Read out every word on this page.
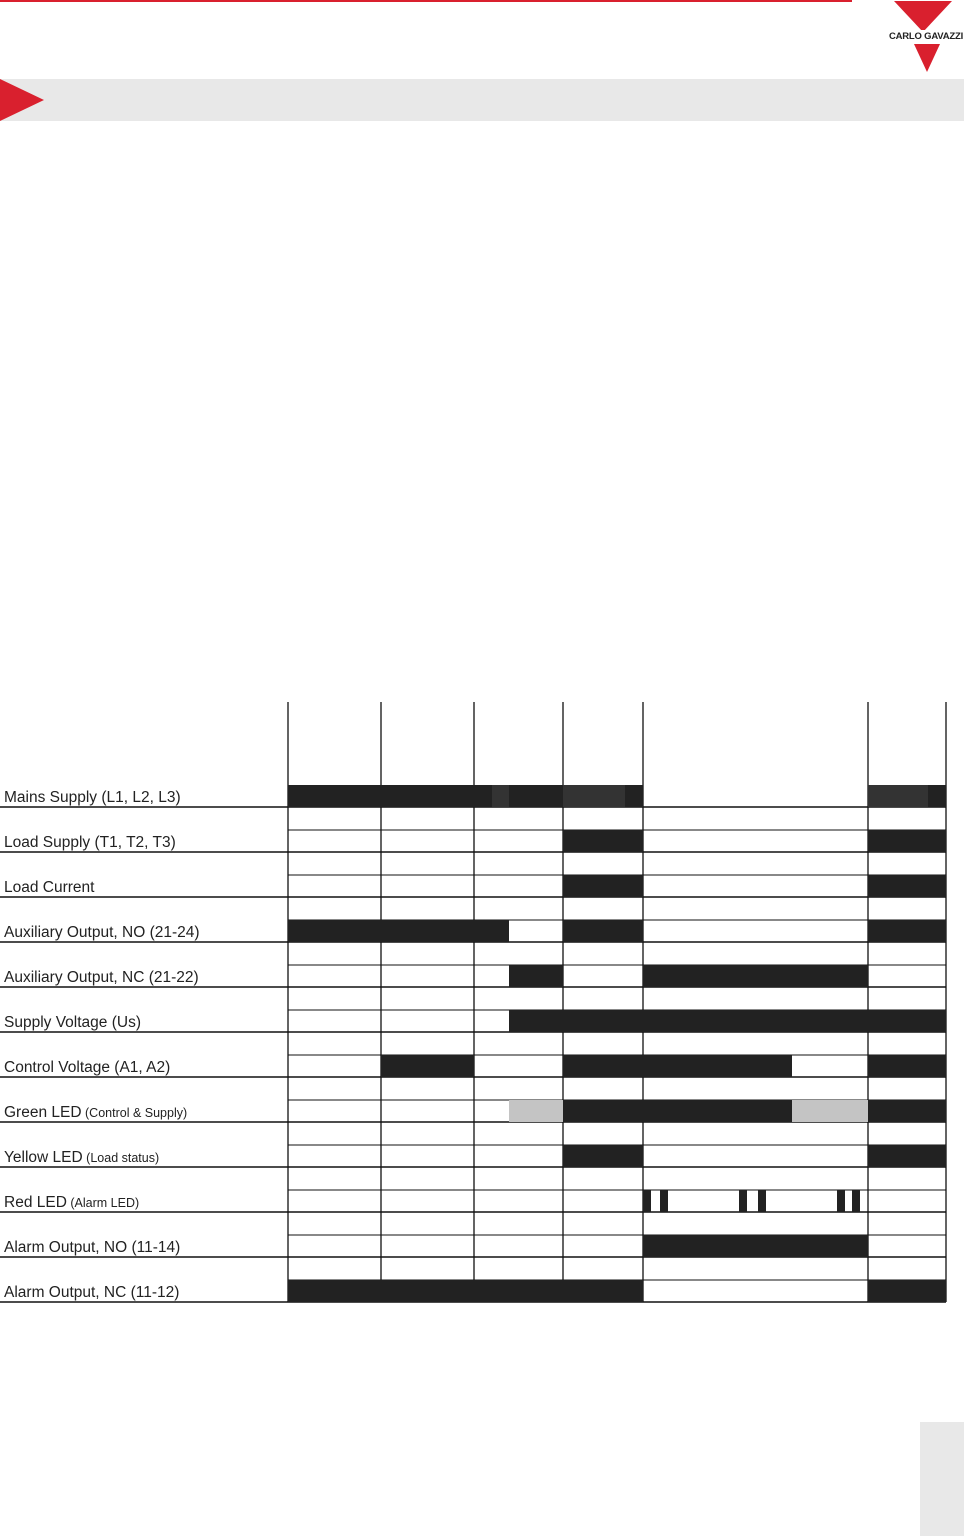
CARLO GAVAZZI
Mains Supply (L1, L2, L3)
Load Supply (T1, T2, T3)
Load Current
Auxiliary Output, NO (21-24)
Auxiliary Output, NC (21-22)
Supply Voltage (Us)
Control Voltage (A1, A2)
Green LED (Control & Supply)
Yellow LED (Load status)
Red LED (Alarm LED)
Alarm Output, NO (11-14)
Alarm Output, NC (11-12)
